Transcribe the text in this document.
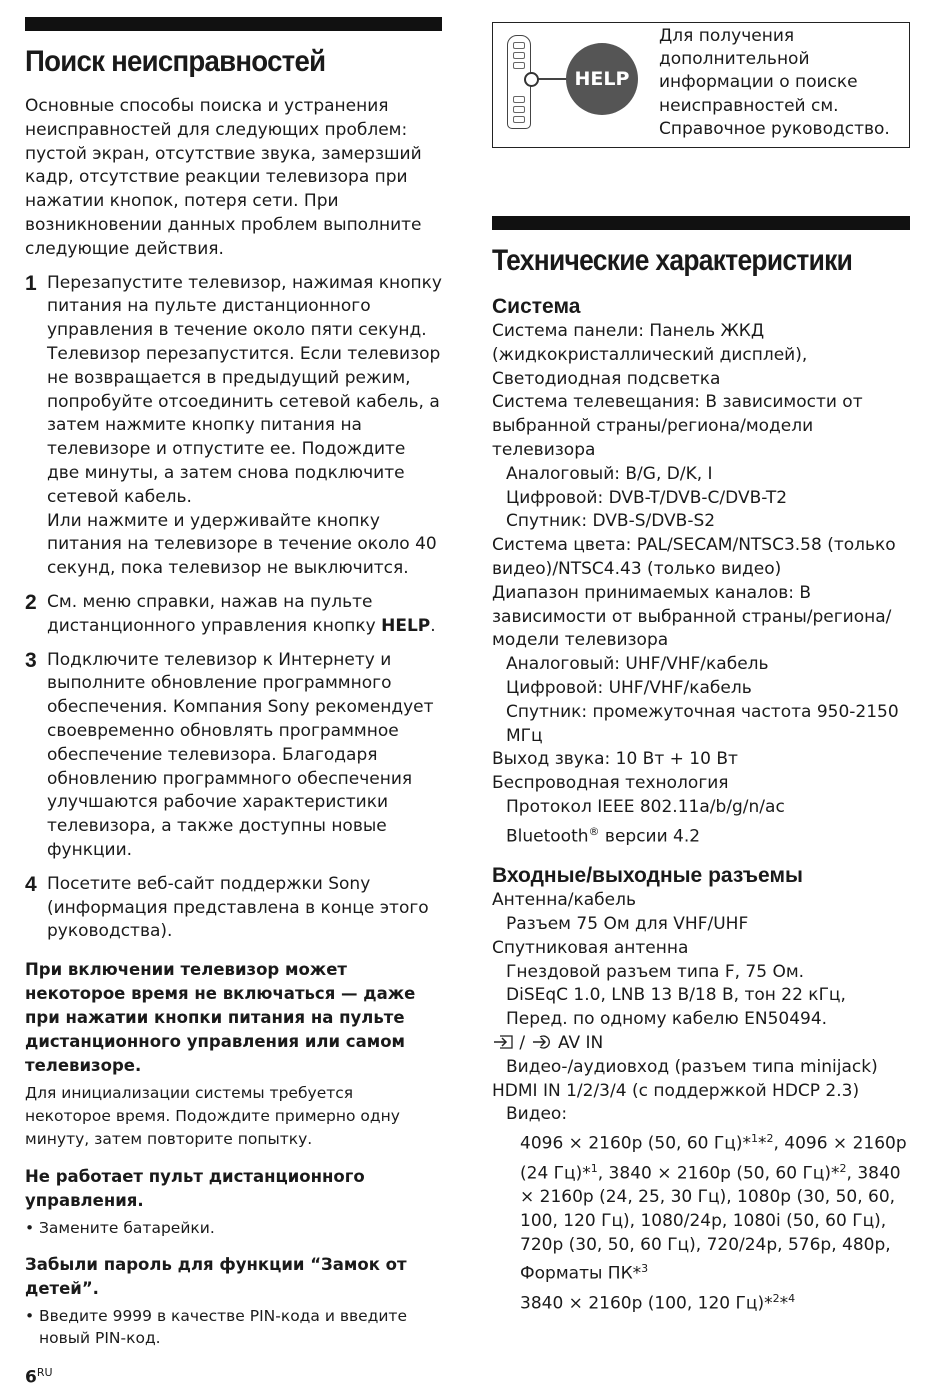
Поиск неисправностей

Основные способы поиска и устранения неисправностей для следующих проблем: пустой экран, отсутствие звука, замерзший кадр, отсутствие реакции телевизора при нажатии кнопок, потеря сети. При возникновении данных проблем выполните следующие действия.

1 Перезапустите телевизор, нажимая кнопку питания на пульте дистанционного управления в течение около пяти секунд. Телевизор перезапустится. Если телевизор не возвращается в предыдущий режим, попробуйте отсоединить сетевой кабель, а затем нажмите кнопку питания на телевизоре и отпустите ее. Подождите две минуты, а затем снова подключите сетевой кабель.
Или нажмите и удерживайте кнопку питания на телевизоре в течение около 40 секунд, пока телевизор не выключится.
2 См. меню справки, нажав на пульте дистанционного управления кнопку HELP.
3 Подключите телевизор к Интернету и выполните обновление программного обеспечения. Компания Sony рекомендует своевременно обновлять программное обеспечение телевизора. Благодаря обновлению программного обеспечения улучшаются рабочие характеристики телевизора, а также доступны новые функции.
4 Посетите веб-сайт поддержки Sony (информация представлена в конце этого руководства).

При включении телевизор может некоторое время не включаться — даже при нажатии кнопки питания на пульте дистанционного управления или самом телевизоре.

Для инициализации системы требуется некоторое время. Подождите примерно одну минуту, затем повторите попытку.

Не работает пульт дистанционного управления.

• Замените батарейки.

Забыли пароль для функции “Замок от детей”.

• Введите 9999 в качестве PIN-кода и введите новый PIN-код.

$6^{RU}$
HELP
Для получения дополнительной информации о поиске неисправностей см. Справочное руководство.
Технические характеристики
Система

Система панели: Панель ЖКД (жидкокристаллический дисплей), Светодиодная подсветка

Система телевещания: В зависимости от выбранной страны/региона/модели телевизора

Аналоговый: B/G, D/K, I

Цифровой: DVB-T/DVB-C/DVB-T2

Спутник: DVB-S/DVB-S2

Система цвета: PAL/SECAM/NTSC3.58 (только видео)/NTSC4.43 (только видео)

Диапазон принимаемых каналов: В зависимости от выбранной страны/региона/ модели телевизора

Аналоговый: UHF/VHF/кабель

Цифровой: UHF/VHF/кабель

Спутник: промежуточная частота 950-2150 МГц

Выход звука: 10 Вт + 10 Вт

Беспроводная технология

Протокол IEEE 802.11a/b/g/n/ac

Bluetooth® версии 4.2

Входные/выходные разъемы

Антенна/кабель

Разъем 75 Ом для VHF/UHF

Спутниковая антенна

Гнездовой разъем типа F, 75 Ом.

DiSEqC 1.0, LNB 13 В/18 В, тон 22 кГц, Перед. по одному кабелю EN50494.

/  AV IN

Видео-/аудиовход (разъем типа minijack)

HDMI IN 1/2/3/4 (с поддержкой HDCP 2.3)

Видео:

4096 × 2160p (50, 60 Гц)*$^1$*$^2$, 4096 × 2160p (24 Гц)*$^1$, 3840 × 2160p (50, 60 Гц)*$^2$, 3840 × 2160p (24, 25, 30 Гц), 1080p (30, 50, 60, 100, 120 Гц), 1080/24p, 1080i (50, 60 Гц), 720p (30, 50, 60 Гц), 720/24p, 576p, 480p, Форматы ПК*$^3$

3840 × 2160p (100, 120 Гц)*$^2$*$^4$
